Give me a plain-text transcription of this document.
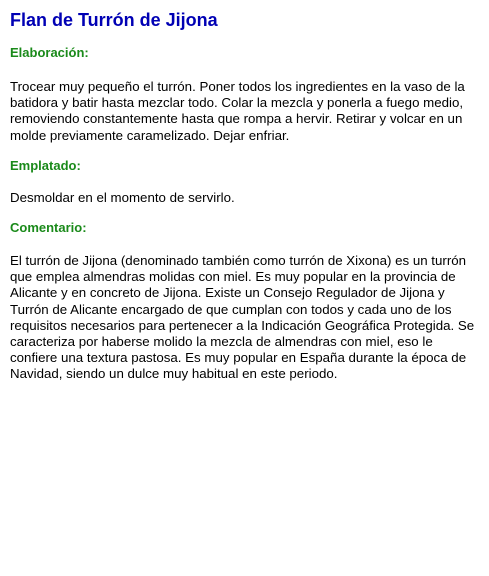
Flan de Turrón de Jijona
Elaboración:

Trocear muy pequeño el turrón. Poner todos los ingredientes en la vaso de la batidora y batir hasta mezclar todo. Colar la mezcla y ponerla a fuego medio, removiendo constantemente hasta que rompa a hervir. Retirar y volcar en un molde previamente caramelizado. Dejar enfriar.

Emplatado:

Desmoldar en el momento de servirlo.

Comentario:

El turrón de Jijona (denominado también como turrón de Xixona) es un turrón que emplea almendras molidas con miel. Es muy popular en la provincia de Alicante y en concreto de Jijona. Existe un Consejo Regulador de Jijona y Turrón de Alicante encargado de que cumplan con todos y cada uno de los requisitos necesarios para pertenecer a la Indicación Geográfica Protegida. Se caracteriza por haberse molido la mezcla de almendras con miel, eso le confiere una textura pastosa. Es muy popular en España durante la época de Navidad, siendo un dulce muy habitual en este periodo.
